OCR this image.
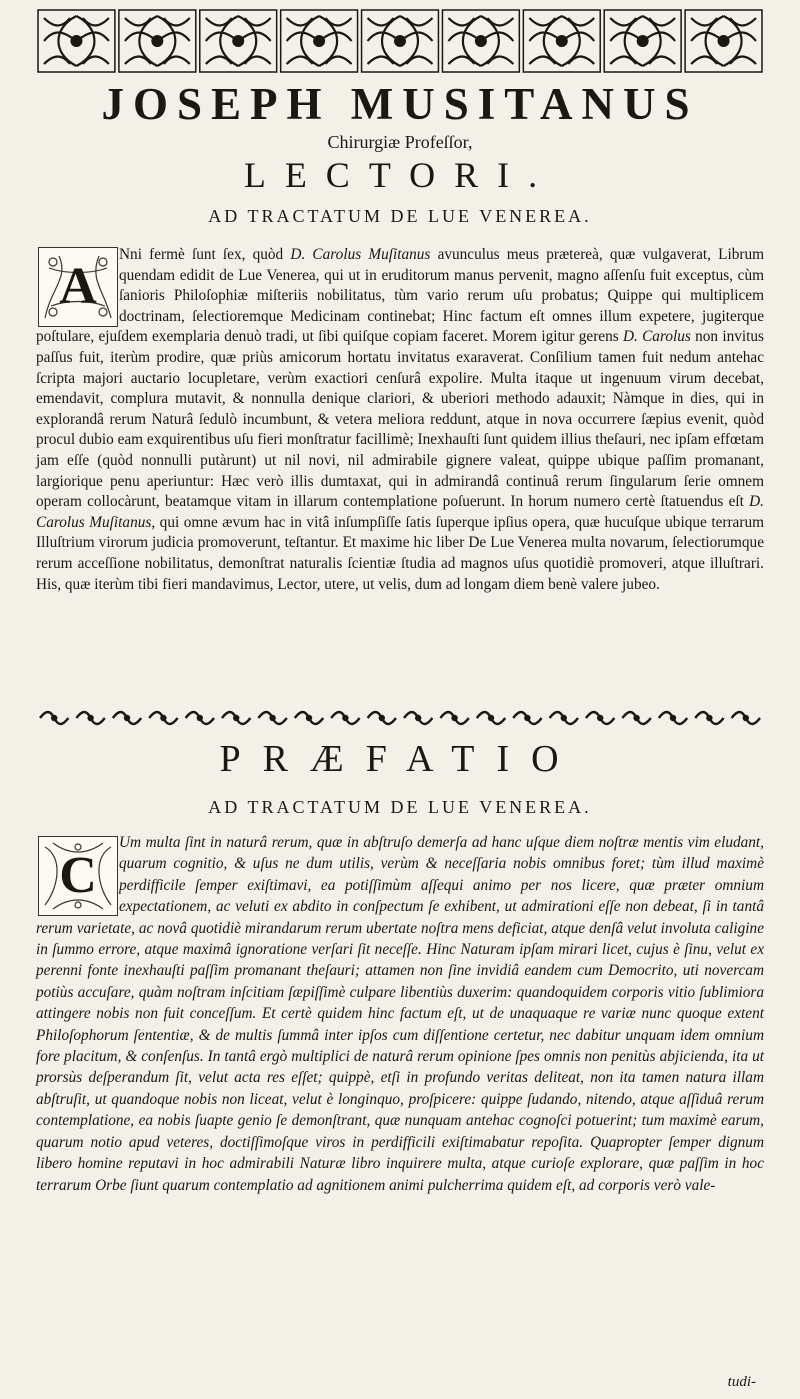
JOSEPH MUSITANUS
Chirurgiæ Profeſſor,
LECTORI.
AD TRACTATUM DE LUE VENEREA.
A
Nni fermè ſunt ſex, quòd D. Carolus Muſitanus avunculus meus prætereà, quæ vulgaverat, Librum quendam edidit de Lue Venerea, qui ut in eruditorum manus pervenit, magno aſſenſu fuit exceptus, cùm ſanioris Philoſophiæ miſteriis nobilitatus, tùm vario rerum uſu probatus; Quippe qui multiplicem doctrinam, ſelectioremque Medicinam continebat; Hinc factum eſt omnes illum expetere, jugiterque poſtulare, ejuſdem exemplaria denuò tradi, ut ſibi quiſque copiam faceret. Morem igitur gerens D. Carolus non invitus paſſus fuit, iterùm prodire, quæ priùs amicorum hortatu invitatus exaraverat. Conſilium tamen fuit nedum antehac ſcripta majori auctario locupletare, verùm exactiori cenſurâ expolire. Multa itaque ut ingenuum virum decebat, emendavit, complura mutavit, & nonnulla denique clariori, & uberiori methodo adauxit; Nàmque in dies, qui in explorandâ rerum Naturâ ſedulò incumbunt, & vetera meliora reddunt, atque in nova occurrere ſæpius evenit, quòd procul dubio eam exquirentibus uſu fieri monſtratur facillimè; Inexhauſti ſunt quidem illius theſauri, nec ipſam effœtam jam eſſe (quòd nonnulli putàrunt) ut nil novi, nil admirabile gignere valeat, quippe ubique paſſim promanant, largiorique penu aperiuntur: Hæc verò illis dumtaxat, qui in admirandâ continuâ rerum ſingularum ſerie omnem operam collocàrunt, beatamque vitam in illarum contemplatione poſuerunt. In horum numero certè ſtatuendus eſt D. Carolus Muſitanus, qui omne ævum hac in vitâ inſumpſiſſe ſatis ſuperque ipſius opera, quæ hucuſque ubique terrarum Illuſtrium virorum judicia promoverunt, teſtantur. Et maxime hic liber De Lue Venerea multa novarum, ſelectiorumque rerum acceſſione nobilitatus, demonſtrat naturalis ſcientiæ ſtudia ad magnos uſus quotidiè promoveri, atque illuſtrari. His, quæ iterùm tibi fieri mandavimus, Lector, utere, ut velis, dum ad longam diem benè valere jubeo.
PRÆFATIO
AD TRACTATUM DE LUE VENEREA.
C
Um multa ſint in naturâ rerum, quæ in abſtruſo demerſa ad hanc uſque diem noſtræ mentis vim eludant, quarum cognitio, & uſus ne dum utilis, verùm & neceſſaria nobis omnibus foret; tùm illud maximè perdifficile ſemper exiſtimavi, ea potiſſimùm aſſequi animo per nos licere, quæ præter omnium expectationem, ac veluti ex abdito in conſpectum ſe exhibent, ut admirationi eſſe non debeat, ſi in tantâ rerum varietate, ac novâ quotidiè mirandarum rerum ubertate noſtra mens deficiat, atque denſâ velut involuta caligine in ſummo errore, atque maximâ ignoratione verſari ſit neceſſe. Hinc Naturam ipſam mirari licet, cujus è ſinu, velut ex perenni fonte inexhauſti paſſim promanant theſauri; attamen non ſine invidiâ eandem cum Democrito, uti novercam potiùs accuſare, quàm noſtram inſcitiam ſæpiſſimè culpare libentiùs duxerim: quandoquidem corporis vitio ſublimiora attingere nobis non fuit conceſſum. Et certè quidem hinc factum eſt, ut de unaquaque re variæ nunc quoque extent Philoſophorum ſententiæ, & de multis ſummâ inter ipſos cum diſſentione certetur, nec dabitur unquam idem omnium fore placitum, & conſenſus. In tantâ ergò multiplici de naturâ rerum opinione ſpes omnis non penitùs abjicienda, ita ut prorsùs deſperandum ſit, velut acta res eſſet; quippè, etſi in profundo veritas deliteat, non ita tamen natura illam abſtruſit, ut quandoque nobis non liceat, velut è longinquo, proſpicere: quippe ſudando, nitendo, atque aſſiduâ rerum contemplatione, ea nobis ſuapte genio ſe demonſtrant, quæ nunquam antehac cognoſci potuerint; tum maximè earum, quarum notio apud veteres, doctiſſimoſque viros in perdifficili exiſtimabatur repoſita. Quapropter ſemper dignum libero homine reputavi in hoc admirabili Naturæ libro inquirere multa, atque curioſe explorare, quæ paſſim in hoc terrarum Orbe ſiunt quarum contemplatio ad agnitionem animi pulcherrima quidem eſt, ad corporis verò vale-
tudi-
